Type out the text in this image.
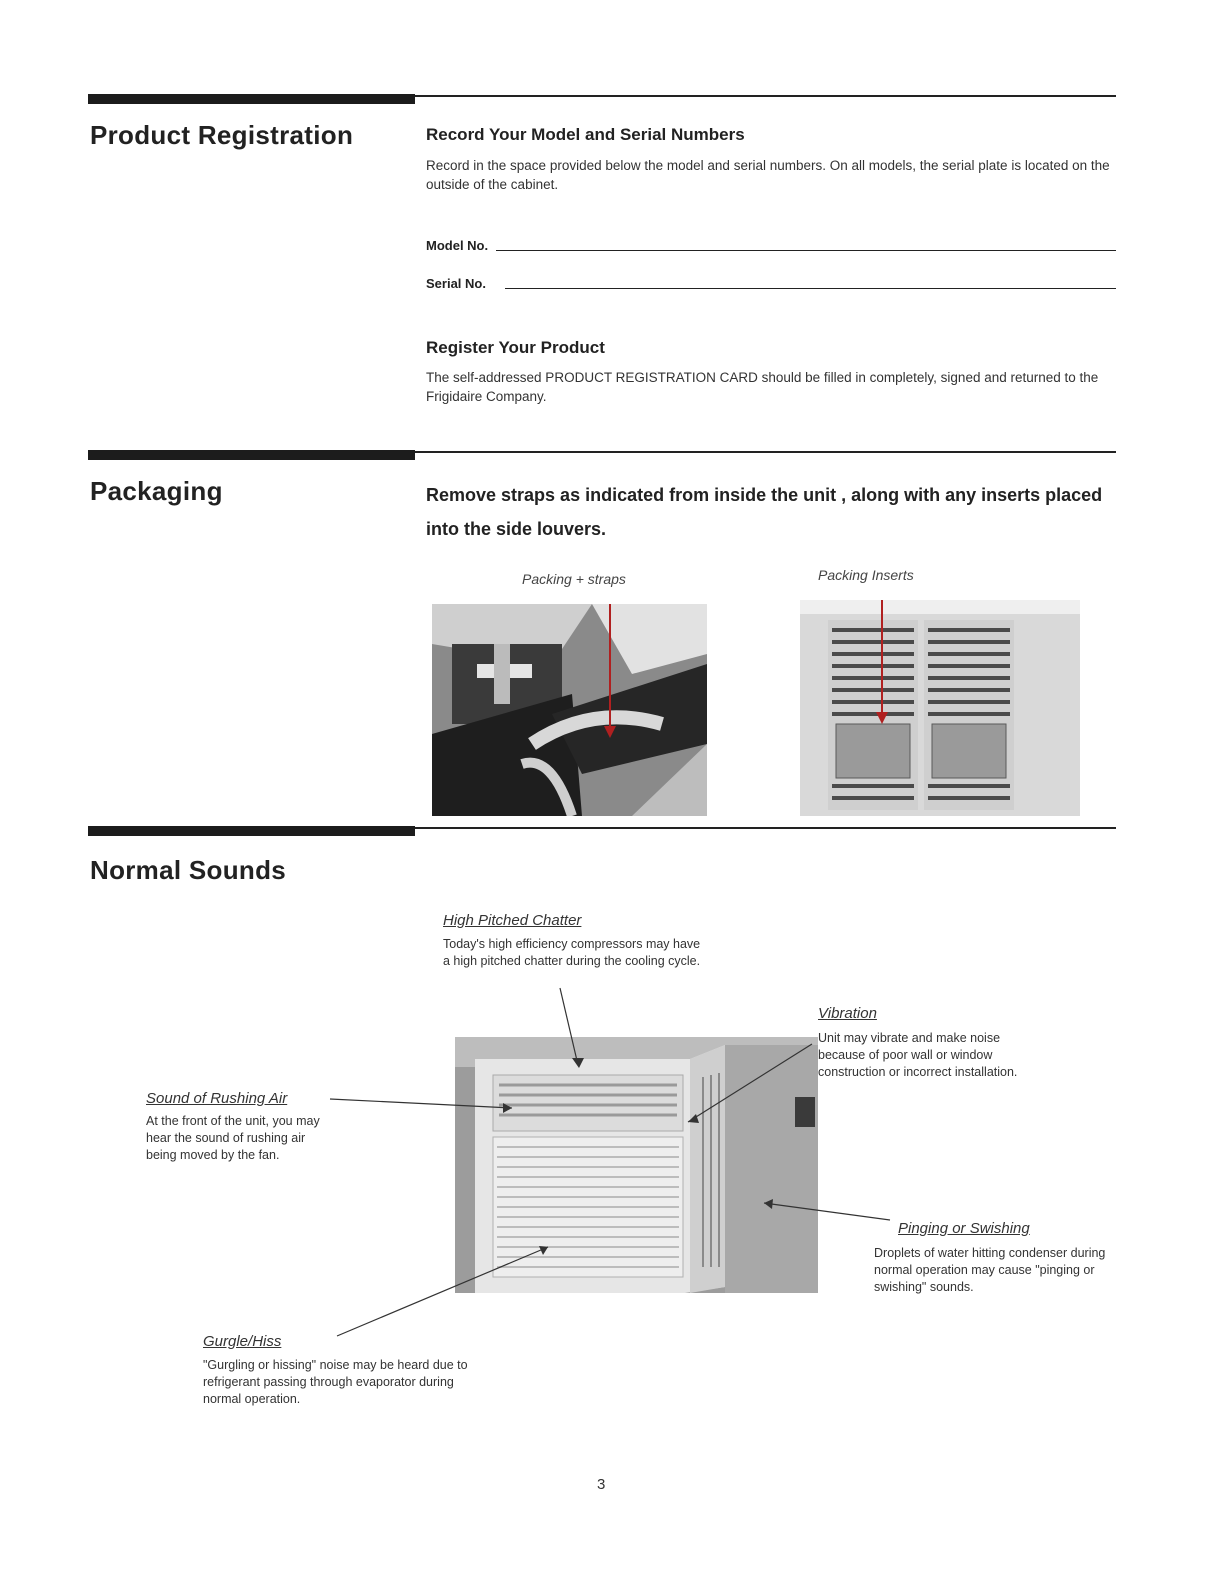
Product Registration	Record Your Model and Serial Numbers
Record in the space provided below the model and serial numbers. On all models, the serial plate is located on the outside of the cabinet.
Model No.
Serial No.
Register Your Product
The self-addressed PRODUCT REGISTRATION CARD should be filled in completely, signed and returned to the Frigidaire Company.
Packaging	Remove straps as indicated from inside the unit , along with any inserts placed into the side louvers.
Packing + straps	Packing Inserts
Normal Sounds
High Pitched Chatter
Today's high efficiency compressors may have a high pitched chatter during the cooling cycle.
Vibration
Unit may vibrate and make noise because of poor wall or window construction or incorrect installation.
Sound of Rushing Air
At the front of the unit, you may hear the sound of rushing air being moved by the fan.
Pinging or Swishing
Droplets of water hitting condenser during normal operation may cause "pinging or swishing" sounds.
Gurgle/Hiss
"Gurgling or hissing" noise may be heard due to refrigerant passing through evaporator during normal operation.
3
